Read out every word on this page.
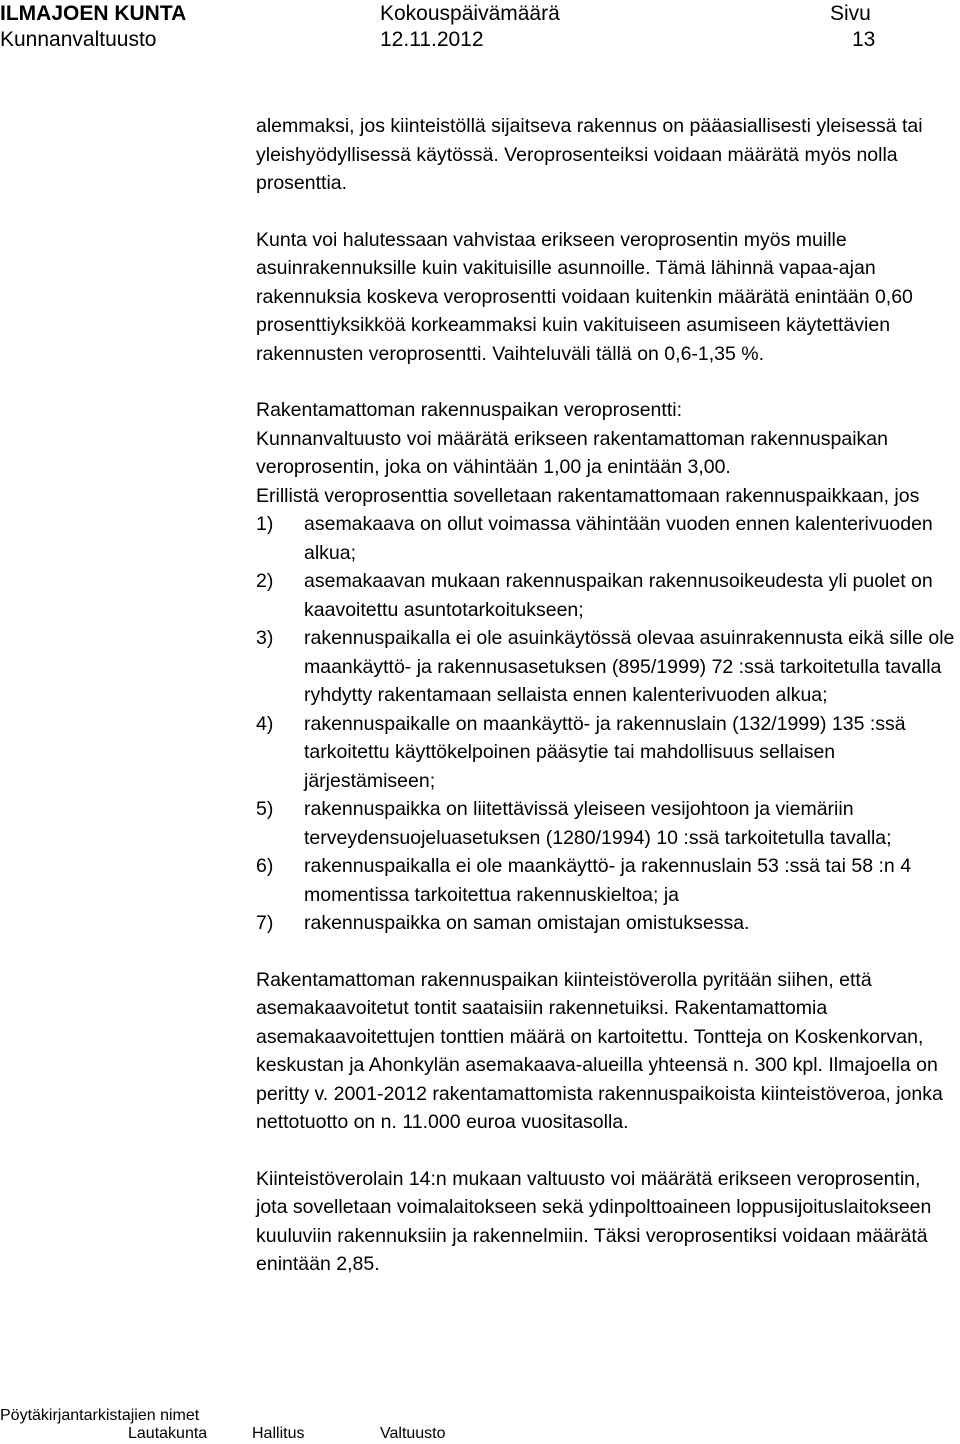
ILMAJOEN KUNTA
Kunnanvaltuusto
Kokouspäivämäärä
12.11.2012
Sivu
13

alemmaksi, jos kiinteistöllä sijaitseva rakennus on pääasiallisesti yleisessä tai yleishyödyllisessä käytössä. Veroprosenteiksi voidaan määrätä myös nolla prosenttia.

Kunta voi halutessaan vahvistaa erikseen veroprosentin myös muille asuinrakennuksille kuin vakituisille asunnoille. Tämä lähinnä vapaa-ajan rakennuksia koskeva veroprosentti voidaan kuitenkin määrätä enintään 0,60 prosenttiyksikköä korkeammaksi kuin vakituiseen asumiseen käytettävien rakennusten veroprosentti. Vaihteluväli tällä on 0,6-1,35 %.

Rakentamattoman rakennuspaikan veroprosentti:

Kunnanvaltuusto voi määrätä erikseen rakentamattoman rakennuspaikan veroprosentin, joka on vähintään 1,00 ja enintään 3,00.

Erillistä veroprosenttia sovelletaan rakentamattomaan rakennuspaikkaan, jos

1)	asemakaava on ollut voimassa vähintään vuoden ennen kalenterivuoden alkua;
2)	asemakaavan mukaan rakennuspaikan rakennusoikeudesta yli puolet on kaavoitettu asuntotarkoitukseen;
3)	rakennuspaikalla ei ole asuinkäytössä olevaa asuinrakennusta eikä sille ole maankäyttö- ja rakennusasetuksen (895/1999) 72 :ssä tarkoitetulla tavalla ryhdytty rakentamaan sellaista ennen kalenterivuoden alkua;
4)	rakennuspaikalle on maankäyttö- ja rakennuslain (132/1999) 135 :ssä tarkoitettu käyttökelpoinen pääsytie tai mahdollisuus sellaisen järjestämiseen;
5)	rakennuspaikka on liitettävissä yleiseen vesijohtoon ja viemäriin terveydensuojeluasetuksen (1280/1994) 10 :ssä tarkoitetulla tavalla;
6)	rakennuspaikalla ei ole maankäyttö- ja rakennuslain 53 :ssä tai 58 :n 4 momentissa tarkoitettua rakennuskieltoa; ja
7)	rakennuspaikka on saman omistajan omistuksessa.

Rakentamattoman rakennuspaikan kiinteistöverolla pyritään siihen, että asemakaavoitetut tontit saataisiin rakennetuiksi. Rakentamattomia asemakaavoitettujen tonttien määrä on kartoitettu. Tontteja on Koskenkorvan, keskustan ja Ahonkylän asemakaava-alueilla yhteensä n. 300 kpl. Ilmajoella on peritty v. 2001-2012 rakentamattomista rakennuspaikoista kiinteistöveroa, jonka nettotuotto on n. 11.000 euroa vuositasolla.

Kiinteistöverolain 14:n mukaan valtuusto voi määrätä erikseen veroprosentin, jota sovelletaan voimalaitokseen sekä ydinpolttoaineen loppusijoituslaitokseen kuuluviin rakennuksiin ja rakennelmiin. Täksi veroprosentiksi voidaan määrätä enintään 2,85.

Pöytäkirjantarkistajien nimet
Lautakunta	Hallitus	Valtuusto
